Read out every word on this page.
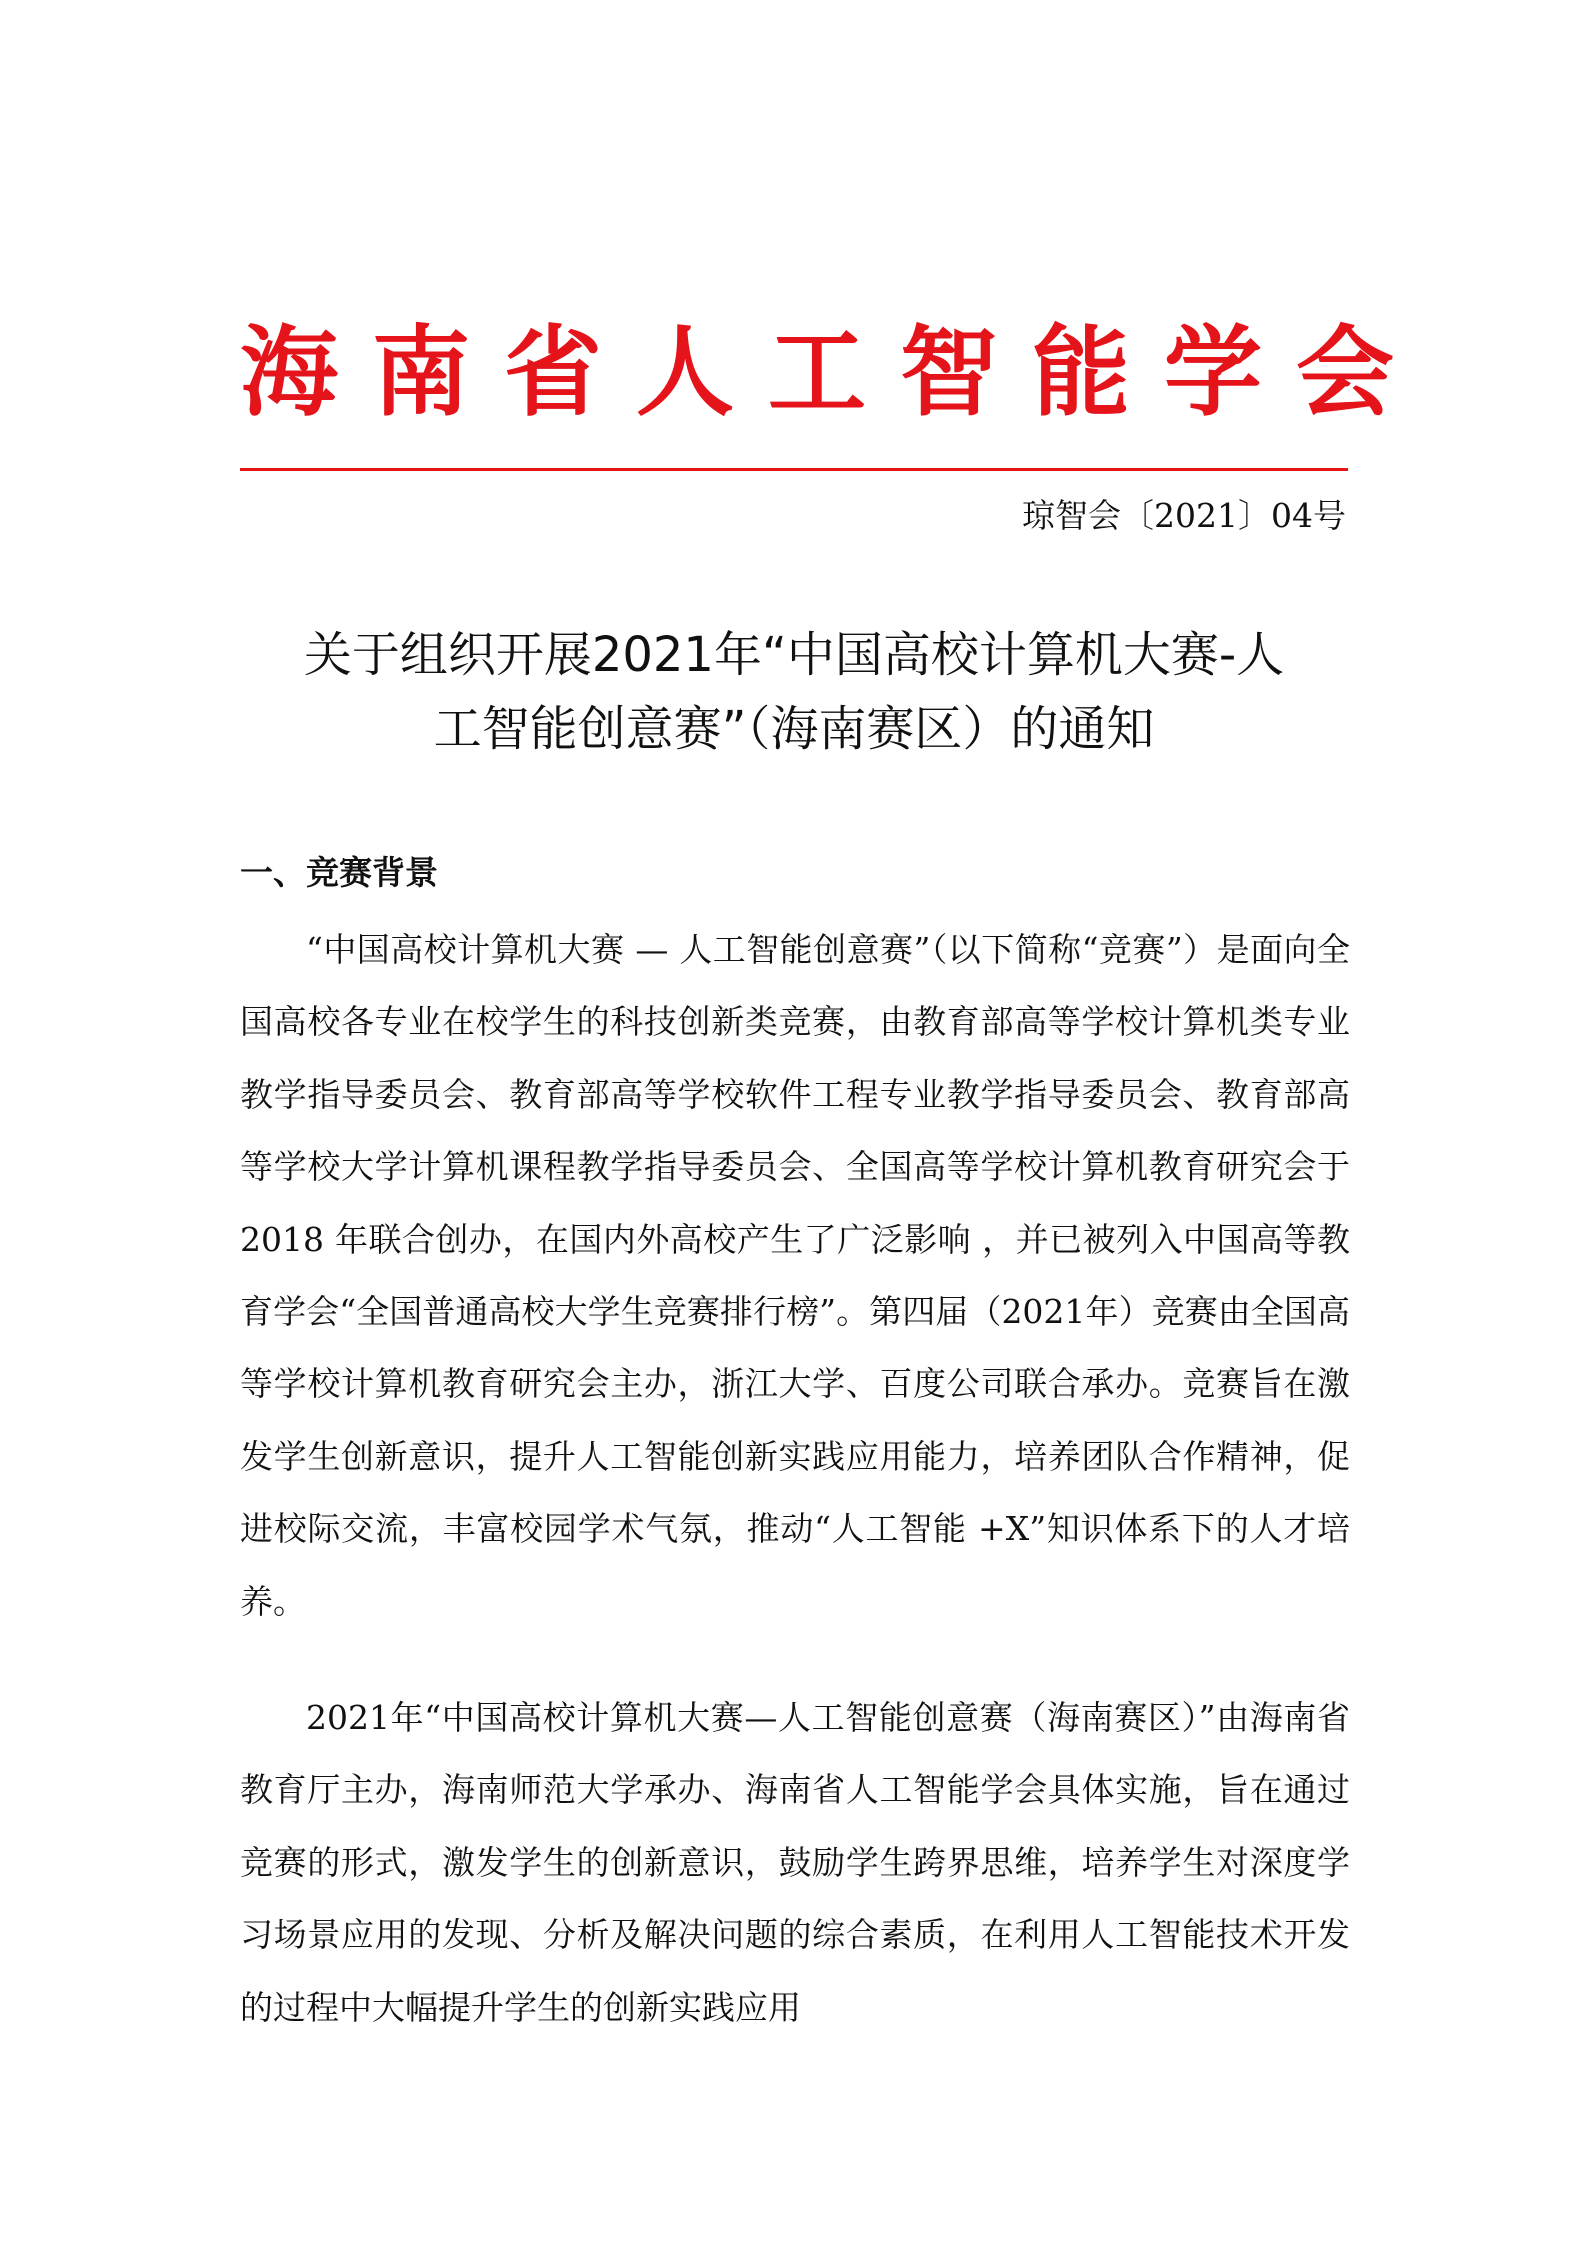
海南省人工智能学会
琼智会〔2021〕04号
关于组织开展2021年“中国高校计算机大赛-人
工智能创意赛”（海南赛区）的通知
一、竞赛背景

“中国高校计算机大赛 — 人工智能创意赛”（以下简称“竞赛”）是面向全国高校各专业在校学生的科技创新类竞赛，由教育部高等学校计算机类专业教学指导委员会、教育部高等学校软件工程专业教学指导委员会、教育部高等学校大学计算机课程教学指导委员会、全国高等学校计算机教育研究会于 2018 年联合创办，在国内外高校产生了广泛影响 ，并已被列入中国高等教育学会“全国普通高校大学生竞赛排行榜”。第四届（2021年）竞赛由全国高等学校计算机教育研究会主办，浙江大学、百度公司联合承办。竞赛旨在激发学生创新意识，提升人工智能创新实践应用能力，培养团队合作精神，促进校际交流，丰富校园学术气氛，推动“人工智能 +X”知识体系下的人才培养。

2021年“中国高校计算机大赛—人工智能创意赛（海南赛区）”由海南省教育厅主办，海南师范大学承办、海南省人工智能学会具体实施，旨在通过竞赛的形式，激发学生的创新意识，鼓励学生跨界思维，培养学生对深度学习场景应用的发现、分析及解决问题的综合素质，在利用人工智能技术开发的过程中大幅提升学生的创新实践应用
